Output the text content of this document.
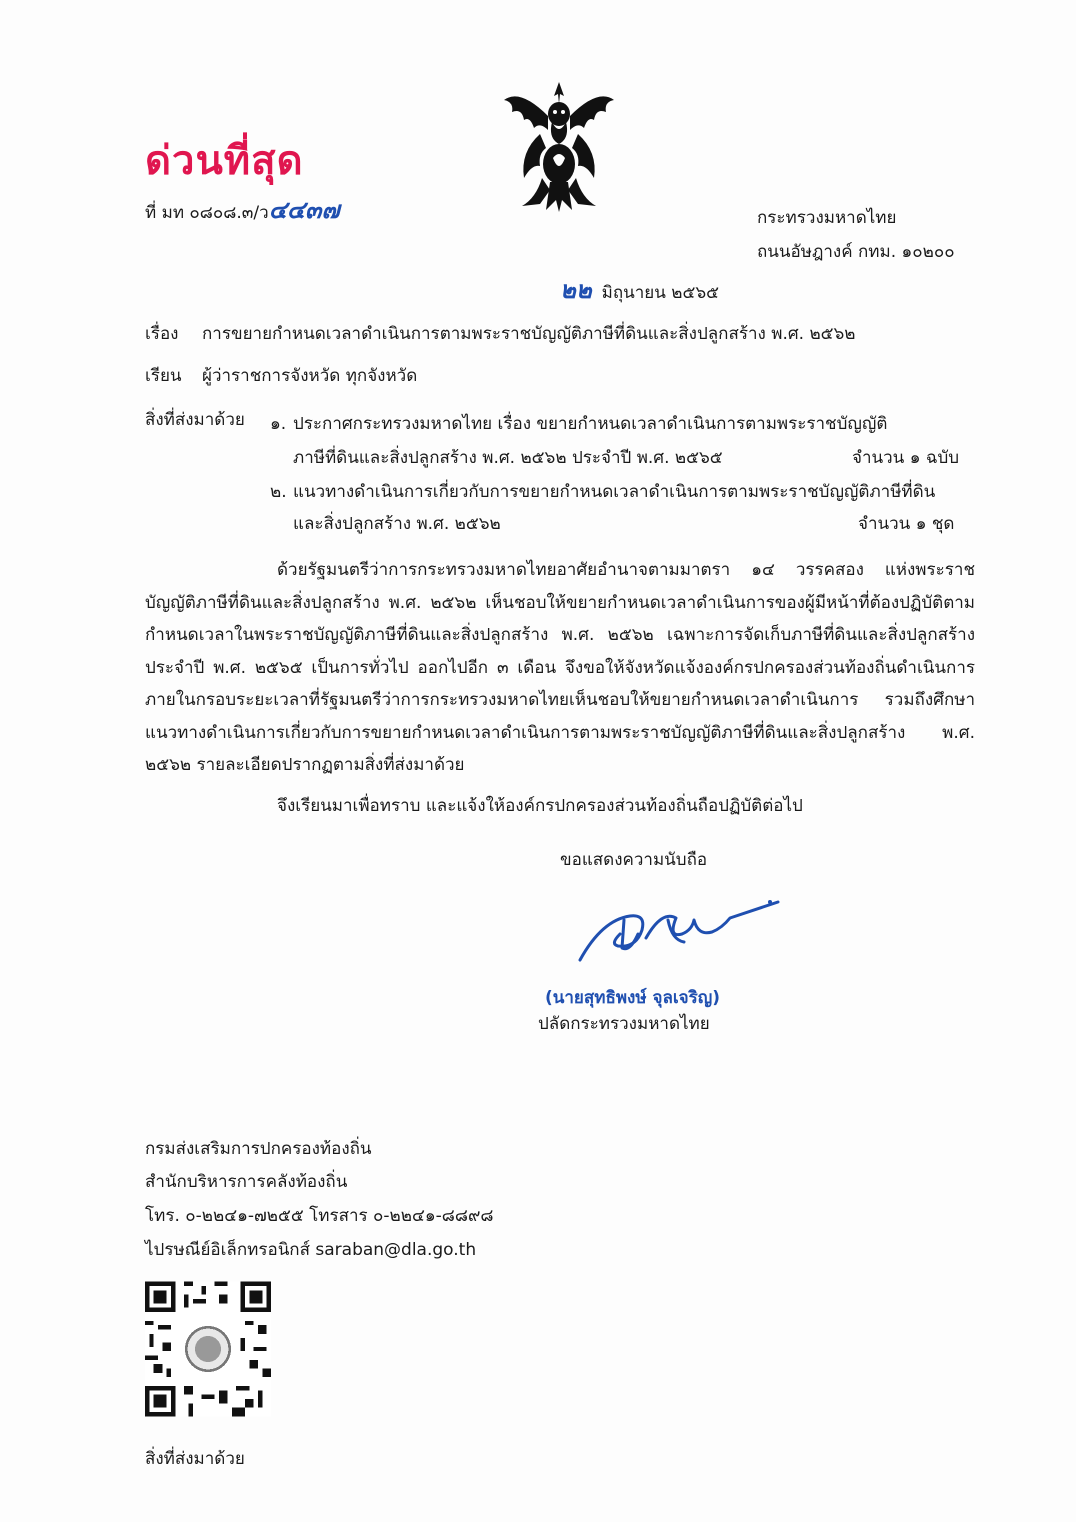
ด่วนที่สุด
ที่ มท ๐๘๐๘.๓/ว๔๔๓๗	กระทรวงมหาดไทย
ถนนอัษฎางค์ กทม. ๑๐๒๐๐
๒๒ มิถุนายน ๒๕๖๕
เรื่อง การขยายกำหนดเวลาดำเนินการตามพระราชบัญญัติภาษีที่ดินและสิ่งปลูกสร้าง พ.ศ. ๒๕๖๒
เรียน ผู้ว่าราชการจังหวัด ทุกจังหวัด
สิ่งที่ส่งมาด้วย ๑. ประกาศกระทรวงมหาดไทย เรื่อง ขยายกำหนดเวลาดำเนินการตามพระราชบัญญัติ
ภาษีที่ดินและสิ่งปลูกสร้าง พ.ศ. ๒๕๖๒ ประจำปี พ.ศ. ๒๕๖๕	จำนวน ๑ ฉบับ
๒. แนวทางดำเนินการเกี่ยวกับการขยายกำหนดเวลาดำเนินการตามพระราชบัญญัติภาษีที่ดิน
และสิ่งปลูกสร้าง พ.ศ. ๒๕๖๒	จำนวน ๑ ชุด
ด้วยรัฐมนตรีว่าการกระทรวงมหาดไทยอาศัยอำนาจตามมาตรา ๑๔ วรรคสอง แห่งพระราชบัญญัติภาษีที่ดินและสิ่งปลูกสร้าง พ.ศ. ๒๕๖๒ เห็นชอบให้ขยายกำหนดเวลาดำเนินการของผู้มีหน้าที่ต้องปฏิบัติตามกำหนดเวลาในพระราชบัญญัติภาษีที่ดินและสิ่งปลูกสร้าง พ.ศ. ๒๕๖๒ เฉพาะการจัดเก็บภาษีที่ดินและสิ่งปลูกสร้าง ประจำปี พ.ศ. ๒๕๖๕ เป็นการทั่วไป ออกไปอีก ๓ เดือน จึงขอให้จังหวัดแจ้งองค์กรปกครองส่วนท้องถิ่นดำเนินการภายในกรอบระยะเวลาที่รัฐมนตรีว่าการกระทรวงมหาดไทยเห็นชอบให้ขยายกำหนดเวลาดำเนินการ รวมถึงศึกษาแนวทางดำเนินการเกี่ยวกับการขยายกำหนดเวลาดำเนินการตามพระราชบัญญัติภาษีที่ดินและสิ่งปลูกสร้าง พ.ศ. ๒๕๖๒ รายละเอียดปรากฏตามสิ่งที่ส่งมาด้วย
จึงเรียนมาเพื่อทราบ และแจ้งให้องค์กรปกครองส่วนท้องถิ่นถือปฏิบัติต่อไป
ขอแสดงความนับถือ
(นายสุทธิพงษ์ จุลเจริญ)
ปลัดกระทรวงมหาดไทย
กรมส่งเสริมการปกครองท้องถิ่น
สำนักบริหารการคลังท้องถิ่น
โทร. ๐-๒๒๔๑-๗๒๕๕ โทรสาร ๐-๒๒๔๑-๘๘๙๘
ไปรษณีย์อิเล็กทรอนิกส์ saraban@dla.go.th
สิ่งที่ส่งมาด้วย
